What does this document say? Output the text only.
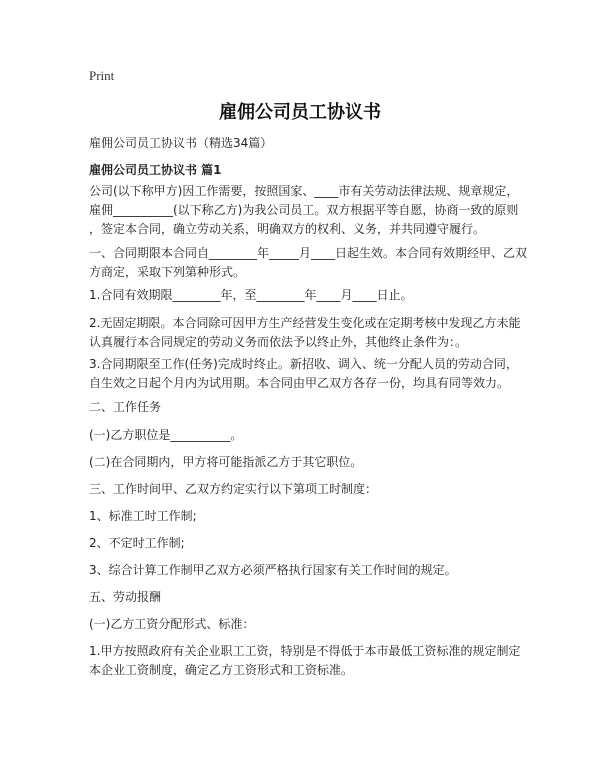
Print
雇佣公司员工协议书
雇佣公司员工协议书（精选34篇）
雇佣公司员工协议书 篇1
公司(以下称甲方)因工作需要，按照国家、____市有关劳动法律法规、规章规定，
雇佣__________(以下称乙方)为我公司员工。双方根据平等自愿，协商一致的原则
，签定本合同，确立劳动关系，明确双方的权利、义务，并共同遵守履行。
一、合同期限本合同自________年_____月____日起生效。本合同有效期经甲、乙双
方商定，采取下列第种形式。
1.合同有效期限________年，至________年____月____日止。
2.无固定期限。本合同除可因甲方生产经营发生变化或在定期考核中发现乙方未能
认真履行本合同规定的劳动义务而依法予以终止外，其他终止条件为：。
3.合同期限至工作(任务)完成时终止。新招收、调入、统一分配人员的劳动合同，
自生效之日起个月内为试用期。本合同由甲乙双方各存一份，均具有同等效力。
二、工作任务
(一)乙方职位是__________。
(二)在合同期内，甲方将可能指派乙方于其它职位。
三、工作时间甲、乙双方约定实行以下第项工时制度：
1、标准工时工作制;
2、不定时工作制;
3、综合计算工作制甲乙双方必须严格执行国家有关工作时间的规定。
五、劳动报酬
(一)乙方工资分配形式、标准：
1.甲方按照政府有关企业职工工资，特别是不得低于本市最低工资标准的规定制定
本企业工资制度，确定乙方工资形式和工资标准。
